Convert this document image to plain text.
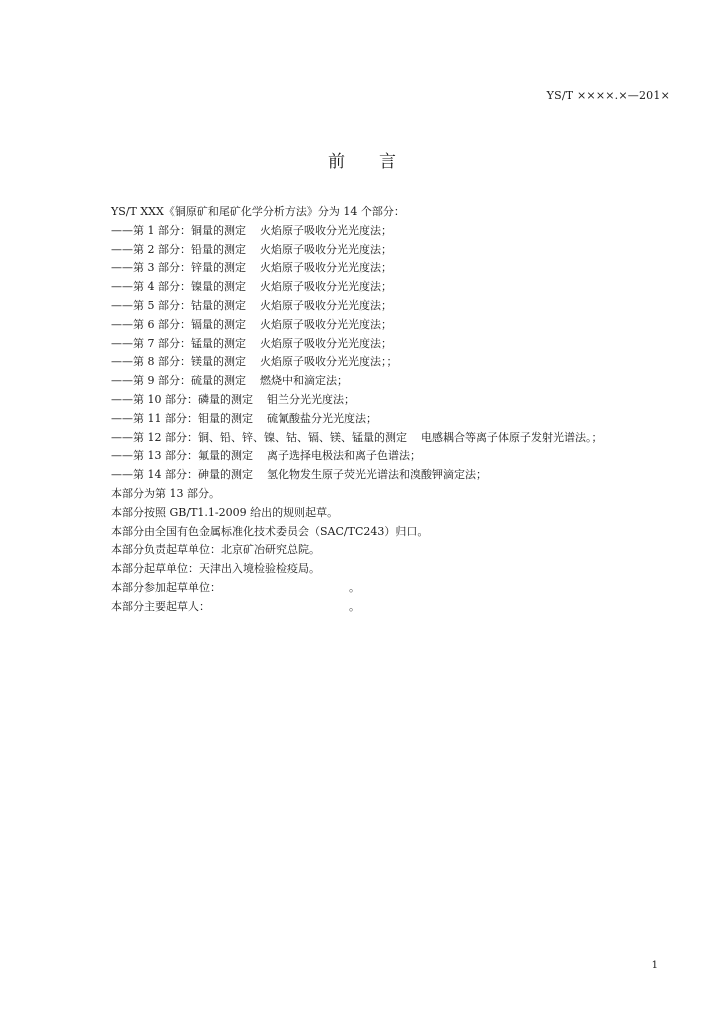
YS/T ××××.×—201×
前言
YS/T XXX《铜原矿和尾矿化学分析方法》分为 14 个部分：
——第 1 部分：铜量的测定 火焰原子吸收分光光度法；
——第 2 部分：铅量的测定 火焰原子吸收分光光度法；
——第 3 部分：锌量的测定 火焰原子吸收分光光度法；
——第 4 部分：镍量的测定 火焰原子吸收分光光度法；
——第 5 部分：钴量的测定 火焰原子吸收分光光度法；
——第 6 部分：镉量的测定 火焰原子吸收分光光度法；
——第 7 部分：锰量的测定 火焰原子吸收分光光度法；
——第 8 部分：镁量的测定 火焰原子吸收分光光度法；；
——第 9 部分：硫量的测定 燃烧中和滴定法；
——第 10 部分：磷量的测定 钼兰分光光度法；
——第 11 部分：钼量的测定 硫氰酸盐分光光度法；
——第 12 部分：铜、铅、锌、镍、钴、镉、镁、锰量的测定 电感耦合等离子体原子发射光谱法。；
——第 13 部分：氟量的测定 离子选择电极法和离子色谱法；
——第 14 部分：砷量的测定 氢化物发生原子荧光光谱法和溴酸钾滴定法；
本部分为第 13 部分。
本部分按照 GB/T1.1-2009 给出的规则起草。
本部分由全国有色金属标准化技术委员会（SAC/TC243）归口。
本部分负责起草单位：北京矿冶研究总院。
本部分起草单位：天津出入境检验检疫局。
本部分参加起草单位：	。
本部分主要起草人：	。
1
